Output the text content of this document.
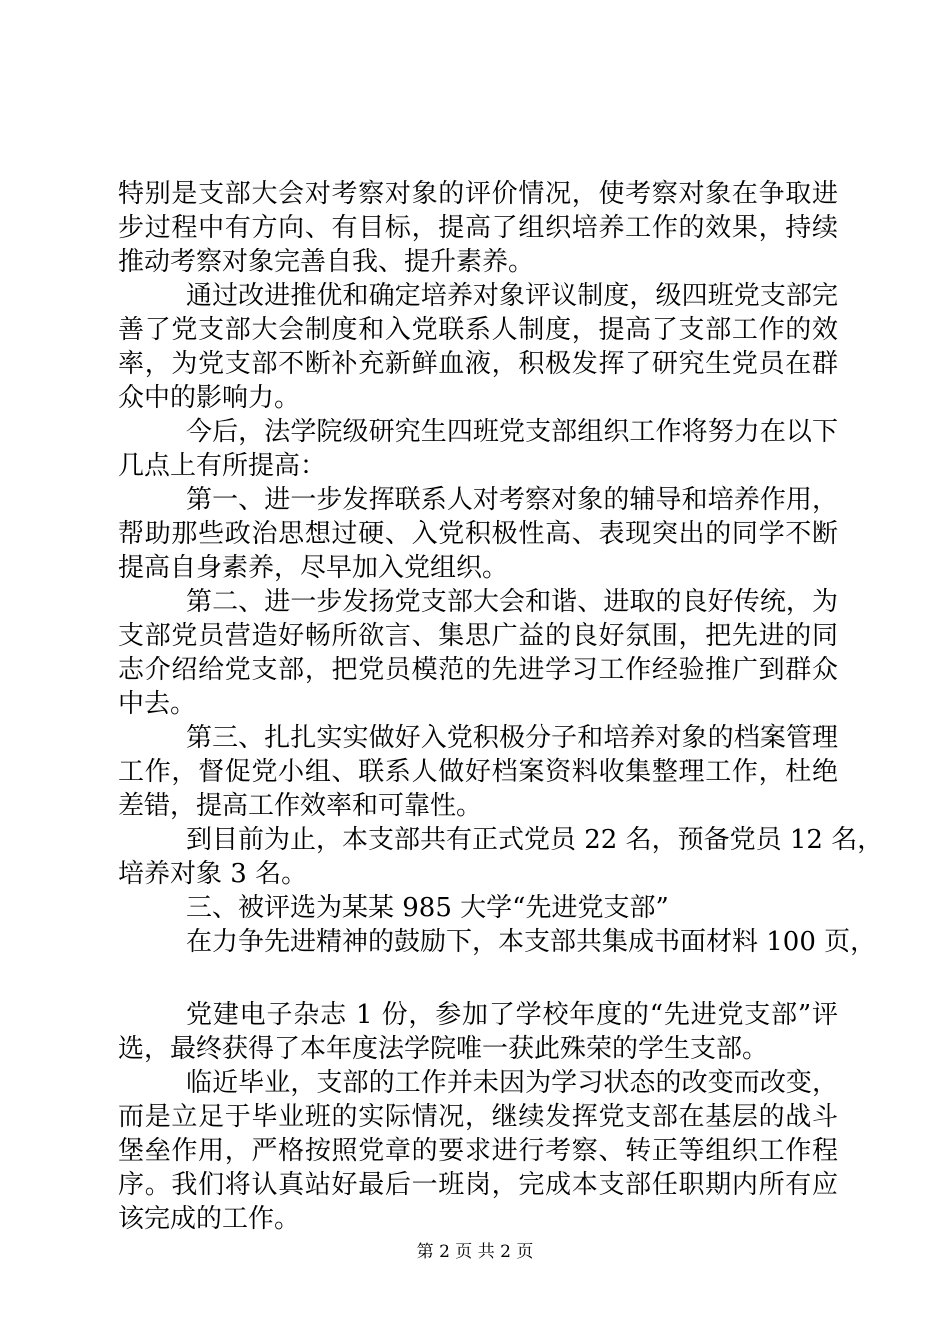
特别是支部大会对考察对象的评价情况，使考察对象在争取进
步过程中有方向、有目标，提高了组织培养工作的效果，持续
推动考察对象完善自我、提升素养。
通过改进推优和确定培养对象评议制度，级四班党支部完
善了党支部大会制度和入党联系人制度，提高了支部工作的效
率，为党支部不断补充新鲜血液，积极发挥了研究生党员在群
众中的影响力。
今后，法学院级研究生四班党支部组织工作将努力在以下
几点上有所提高：
第一、进一步发挥联系人对考察对象的辅导和培养作用，
帮助那些政治思想过硬、入党积极性高、表现突出的同学不断
提高自身素养，尽早加入党组织。
第二、进一步发扬党支部大会和谐、进取的良好传统，为
支部党员营造好畅所欲言、集思广益的良好氛围，把先进的同
志介绍给党支部，把党员模范的先进学习工作经验推广到群众
中去。
第三、扎扎实实做好入党积极分子和培养对象的档案管理
工作，督促党小组、联系人做好档案资料收集整理工作，杜绝
差错，提高工作效率和可靠性。
到目前为止，本支部共有正式党员 22 名，预备党员 12 名，
培养对象 3 名。
三、被评选为某某 985 大学“先进党支部”
在力争先进精神的鼓励下，本支部共集成书面材料 100 页，
党建电子杂志 1 份，参加了学校年度的“先进党支部”评
选，最终获得了本年度法学院唯一获此殊荣的学生支部。
临近毕业，支部的工作并未因为学习状态的改变而改变，
而是立足于毕业班的实际情况，继续发挥党支部在基层的战斗
堡垒作用，严格按照党章的要求进行考察、转正等组织工作程
序。我们将认真站好最后一班岗，完成本支部任职期内所有应
该完成的工作。
第 2 页 共 2 页
